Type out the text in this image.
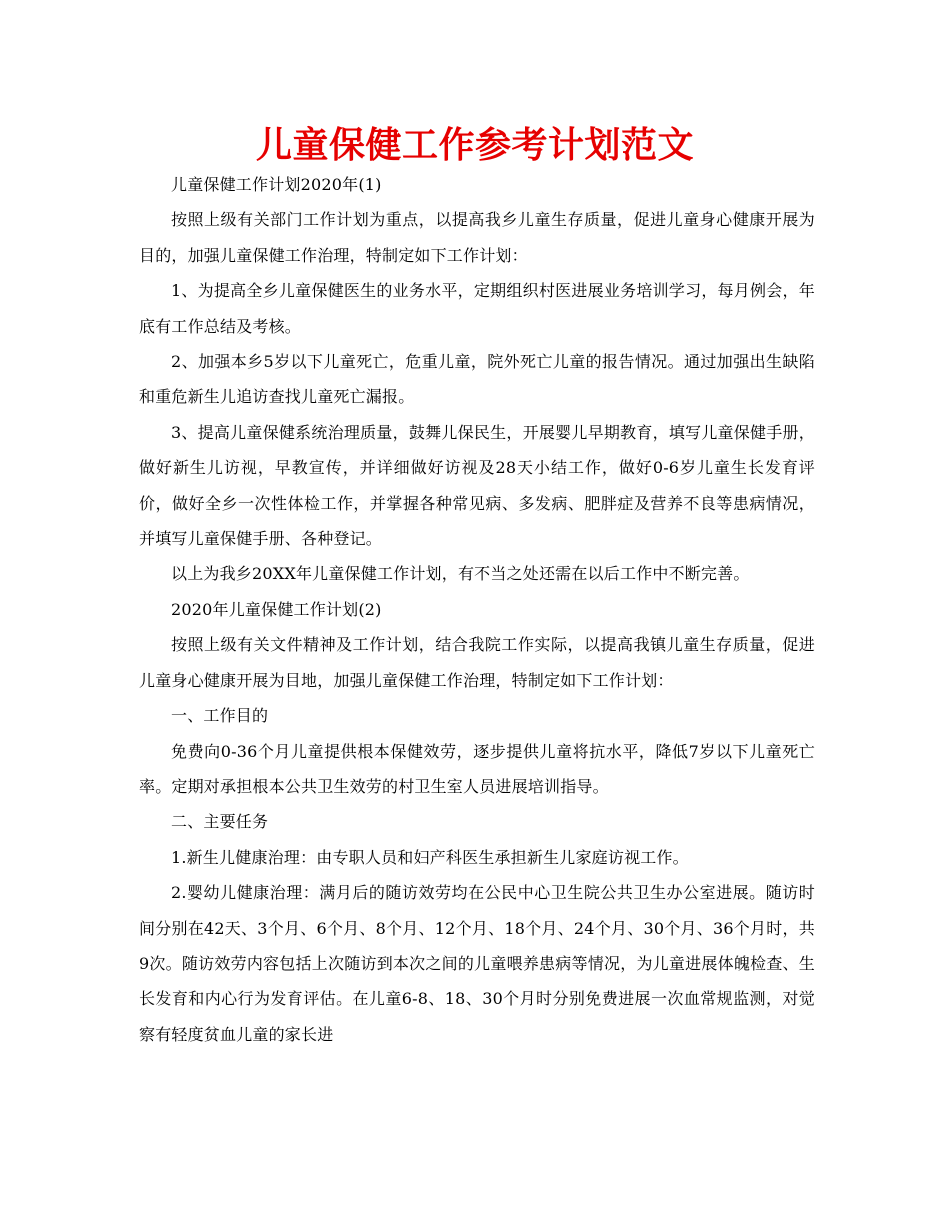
儿童保健工作参考计划范文

儿童保健工作计划2020年(1)

按照上级有关部门工作计划为重点，以提高我乡儿童生存质量，促进儿童身心健康开展为目的，加强儿童保健工作治理，特制定如下工作计划：

1、为提高全乡儿童保健医生的业务水平，定期组织村医进展业务培训学习，每月例会，年底有工作总结及考核。

2、加强本乡5岁以下儿童死亡，危重儿童，院外死亡儿童的报告情况。通过加强出生缺陷和重危新生儿追访查找儿童死亡漏报。

3、提高儿童保健系统治理质量，鼓舞儿保民生，开展婴儿早期教育，填写儿童保健手册，做好新生儿访视，早教宣传，并详细做好访视及28天小结工作，做好0-6岁儿童生长发育评价，做好全乡一次性体检工作，并掌握各种常见病、多发病、肥胖症及营养不良等患病情况，并填写儿童保健手册、各种登记。

以上为我乡20XX年儿童保健工作计划，有不当之处还需在以后工作中不断完善。

2020年儿童保健工作计划(2)

按照上级有关文件精神及工作计划，结合我院工作实际，以提高我镇儿童生存质量，促进儿童身心健康开展为目地，加强儿童保健工作治理，特制定如下工作计划：

一、工作目的

免费向0-36个月儿童提供根本保健效劳，逐步提供儿童将抗水平，降低7岁以下儿童死亡率。定期对承担根本公共卫生效劳的村卫生室人员进展培训指导。

二、主要任务

1.新生儿健康治理：由专职人员和妇产科医生承担新生儿家庭访视工作。

2.婴幼儿健康治理：满月后的随访效劳均在公民中心卫生院公共卫生办公室进展。随访时间分别在42天、3个月、6个月、8个月、12个月、18个月、24个月、30个月、36个月时，共9次。随访效劳内容包括上次随访到本次之间的儿童喂养患病等情况，为儿童进展体魄检查、生长发育和内心行为发育评估。在儿童6-8、18、30个月时分别免费进展一次血常规监测，对觉察有轻度贫血儿童的家长进
